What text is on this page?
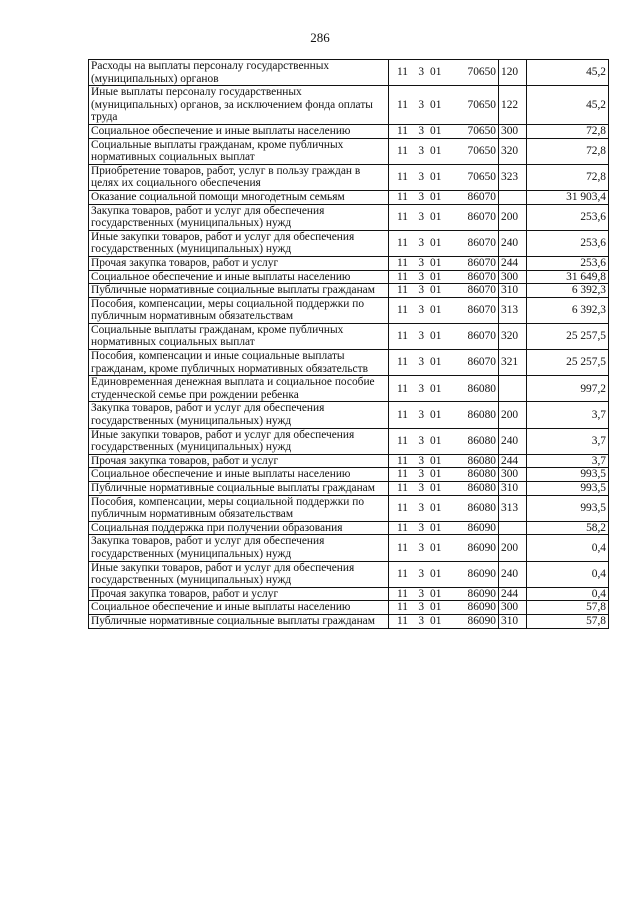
286
Расходы на выплаты персоналу государственных (муниципальных) органов	11 3 01 70650	120	45,2
Иные выплаты персоналу государственных (муниципальных) органов, за исключением фонда оплаты труда	11 3 01 70650	122	45,2
Социальное обеспечение и иные выплаты населению	11 3 01 70650	300	72,8
Социальные выплаты гражданам, кроме публичных нормативных социальных выплат	11 3 01 70650	320	72,8
Приобретение товаров, работ, услуг в пользу граждан в целях их социального обеспечения	11 3 01 70650	323	72,8
Оказание социальной помощи многодетным семьям	11 3 01 86070		31 903,4
Закупка товаров, работ и услуг для обеспечения государственных (муниципальных) нужд	11 3 01 86070	200	253,6
Иные закупки товаров, работ и услуг для обеспечения государственных (муниципальных) нужд	11 3 01 86070	240	253,6
Прочая закупка товаров, работ и услуг	11 3 01 86070	244	253,6
Социальное обеспечение и иные выплаты населению	11 3 01 86070	300	31 649,8
Публичные нормативные социальные выплаты гражданам	11 3 01 86070	310	6 392,3
Пособия, компенсации, меры социальной поддержки по публичным нормативным обязательствам	11 3 01 86070	313	6 392,3
Социальные выплаты гражданам, кроме публичных нормативных социальных выплат	11 3 01 86070	320	25 257,5
Пособия, компенсации и иные социальные выплаты гражданам, кроме публичных нормативных обязательств	11 3 01 86070	321	25 257,5
Единовременная денежная выплата и социальное пособие студенческой семье при рождении ребенка	11 3 01 86080		997,2
Закупка товаров, работ и услуг для обеспечения государственных (муниципальных) нужд	11 3 01 86080	200	3,7
Иные закупки товаров, работ и услуг для обеспечения государственных (муниципальных) нужд	11 3 01 86080	240	3,7
Прочая закупка товаров, работ и услуг	11 3 01 86080	244	3,7
Социальное обеспечение и иные выплаты населению	11 3 01 86080	300	993,5
Публичные нормативные социальные выплаты гражданам	11 3 01 86080	310	993,5
Пособия, компенсации, меры социальной поддержки по публичным нормативным обязательствам	11 3 01 86080	313	993,5
Социальная поддержка при получении образования	11 3 01 86090		58,2
Закупка товаров, работ и услуг для обеспечения государственных (муниципальных) нужд	11 3 01 86090	200	0,4
Иные закупки товаров, работ и услуг для обеспечения государственных (муниципальных) нужд	11 3 01 86090	240	0,4
Прочая закупка товаров, работ и услуг	11 3 01 86090	244	0,4
Социальное обеспечение и иные выплаты населению	11 3 01 86090	300	57,8
Публичные нормативные социальные выплаты гражданам	11 3 01 86090	310	57,8
